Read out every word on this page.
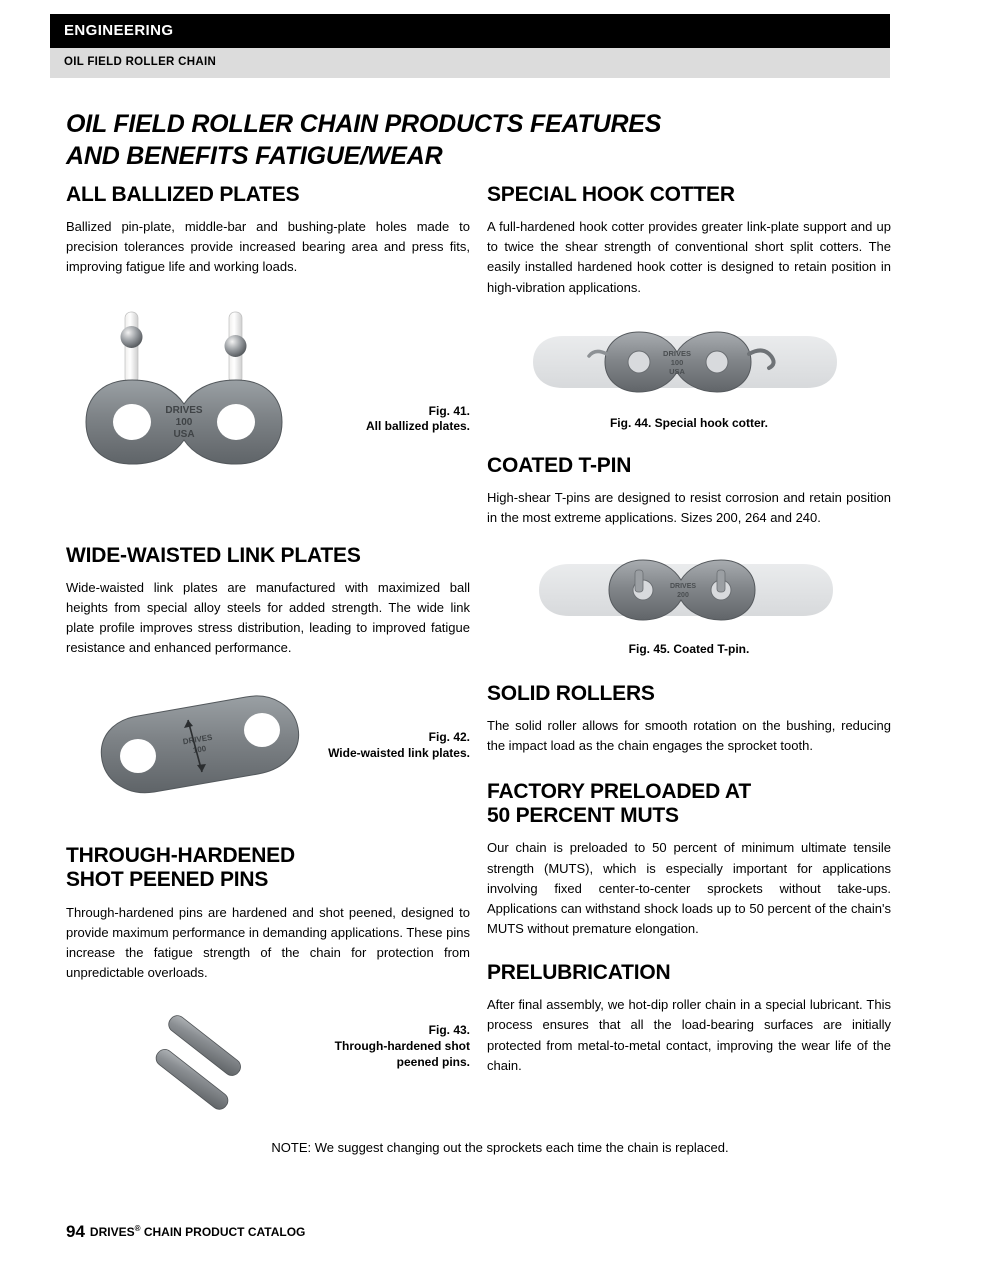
ENGINEERING
OIL FIELD ROLLER CHAIN
OIL FIELD ROLLER CHAIN PRODUCTS FEATURES
AND BENEFITS FATIGUE/WEAR
ALL BALLIZED PLATES

Ballized pin-plate, middle-bar and bushing-plate holes made to precision tolerances provide increased bearing area and press fits, improving fatigue life and working loads.

DRIVES
100
USA
Fig. 41.
All ballized plates.
WIDE-WAISTED LINK PLATES

Wide-waisted link plates are manufactured with maximized ball heights from special alloy steels for added strength. The wide link plate profile improves stress distribution, leading to improved fatigue resistance and enhanced performance.

DRIVES
100
Fig. 42.
Wide-waisted link plates.
THROUGH-HARDENED
SHOT PEENED PINS

Through-hardened pins are hardened and shot peened, designed to provide maximum performance in demanding applications. These pins increase the fatigue strength of the chain for protection from unpredictable overloads.

Fig. 43.
Through-hardened shot
peened pins.
SPECIAL HOOK COTTER

A full-hardened hook cotter provides greater link-plate support and up to twice the shear strength of conventional short split cotters. The easily installed hardened hook cotter is designed to retain position in high-vibration applications.

DRIVES
100
USA
Fig. 44. Special hook cotter.
COATED T-PIN

High-shear T-pins are designed to resist corrosion and retain position in the most extreme applications. Sizes 200, 264 and 240.

DRIVES
200
Fig. 45. Coated T-pin.
SOLID ROLLERS

The solid roller allows for smooth rotation on the bushing, reducing the impact load as the chain engages the sprocket tooth.

FACTORY PRELOADED AT
50 PERCENT MUTS

Our chain is preloaded to 50 percent of minimum ultimate tensile strength (MUTS), which is especially important for applications involving fixed center-to-center sprockets without take-ups. Applications can withstand shock loads up to 50 percent of the chain's MUTS without premature elongation.

PRELUBRICATION

After final assembly, we hot-dip roller chain in a special lubricant. This process ensures that all the load-bearing surfaces are initially protected from metal-to-metal contact, improving the wear life of the chain.

NOTE: We suggest changing out the sprockets each time the chain is replaced.
94 DRIVES® CHAIN PRODUCT CATALOG
